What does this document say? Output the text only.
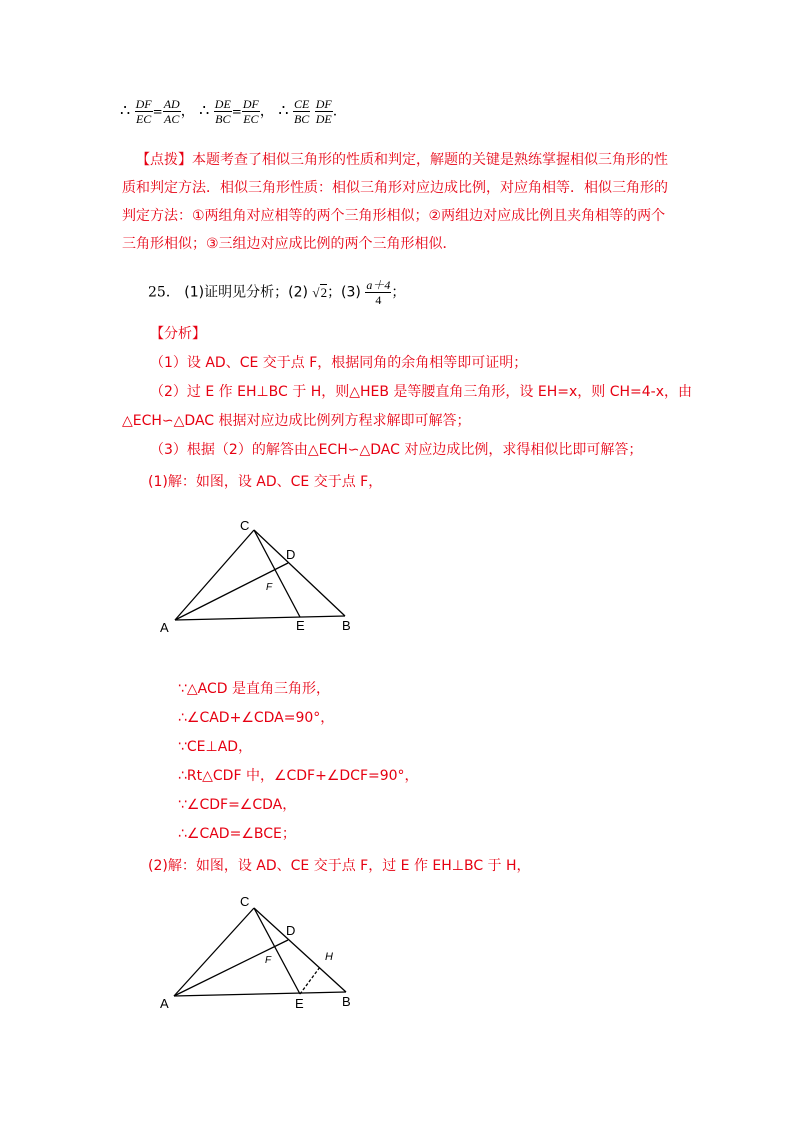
∴ $\frac{DF}{EC} = \frac{AD}{AC}$ ， ∴ $\frac{DE}{BC} = \frac{DF}{EC}$ ， ∴ $\frac{CE}{BC}$
$\frac{DF}{DE}$ .
【点拨】本题考查了相似三角形的性质和判定，解题的关键是熟练掌握相似三角形的性质和判定方法．相似三角形性质：相似三角形对应边成比例，对应角相等．相似三角形的判定方法：①两组角对应相等的两个三角形相似；②两组边对应成比例且夹角相等的两个三角形相似；③三组边对应成比例的两个三角形相似．
25． (1)证明见分析；(2) √2；$(3) \frac{a+4}{4}$ ；
【分析】
（1）设 AD、CE 交于点 F，根据同角的余角相等即可证明；
（2）过 E 作 EH⊥BC 于 H，则△HEB 是等腰直角三角形，设 EH=x，则 CH=4-x，由
△ECH∽△DAC 根据对应边成比例列方程求解即可解答；
（3）根据（2）的解答由△ECH∽△DAC 对应边成比例，求得相似比即可解答；
(1)解：如图，设 AD、CE 交于点 F，
C
D
F
A	E	B
∵△ACD 是直角三角形，
∴∠CAD+∠CDA=90°，
∵CE⊥AD，
∴Rt△CDF 中，∠CDF+∠DCF=90°，
∵∠CDF=∠CDA，
∴∠CAD=∠BCE；
(2)解：如图，设 AD、CE 交于点 F，过 E 作 EH⊥BC 于 H，
C
D
F	H
A	E	B
